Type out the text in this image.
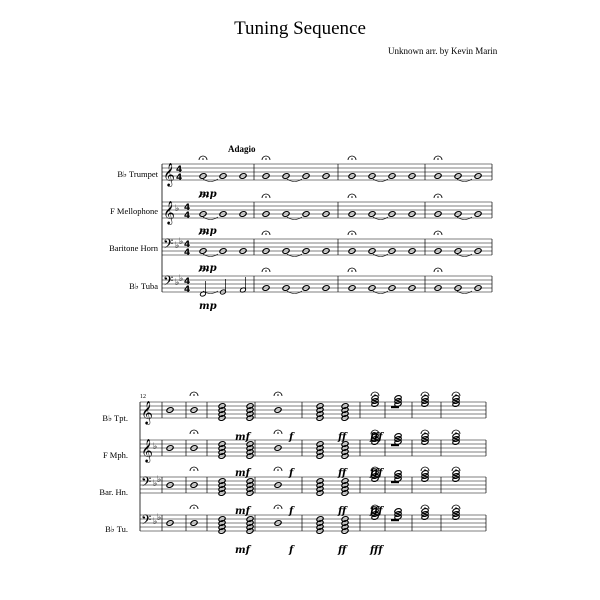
Tuning Sequence
Unknown arr. by Kevin Marin
Adagio
B♭ Trumpet
F Mellophone
Baritone Horn
B♭ Tuba
B♭ Tpt.
F Mph.
Bar. Hn.
B♭ Tu.
𝄞 4
4
𝄞 ♭ 4
4
𝄢 ♭ ♭ 4
4
𝄢 ♭ ♭ 4
4
𝄞
𝄞 ♭
𝄢 ♭ ♭
𝄢 ♭ ♭
mp
mp
mp
mp
12
mf	f	ff fff
mf	f	ff fff
mf	f	ff fff
mf	f	ff fff
